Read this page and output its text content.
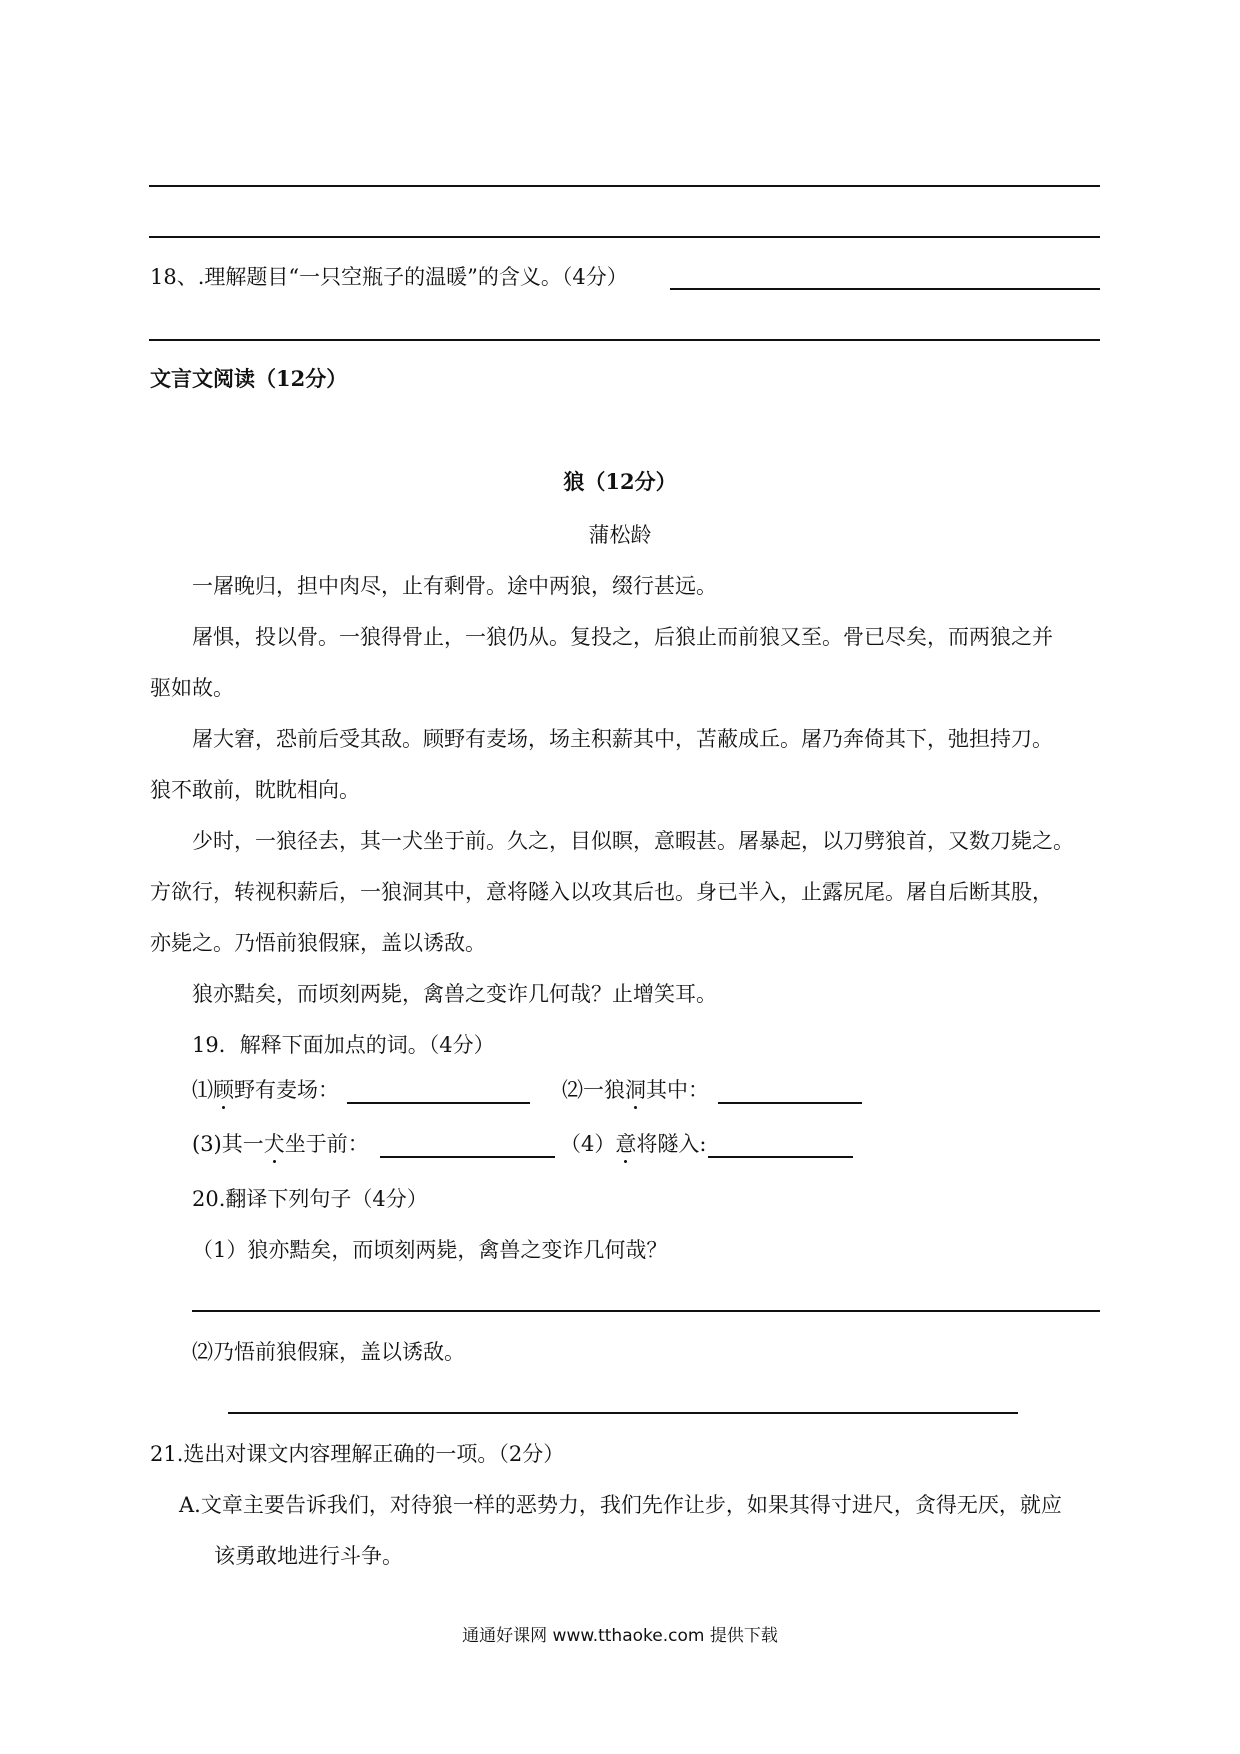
18、.理解题目“一只空瓶子的温暖”的含义。（4分）
文言文阅读（12分）
狼（12分）
蒲松龄
一屠晚归，担中肉尽，止有剩骨。途中两狼，缀行甚远。
屠惧，投以骨。一狼得骨止，一狼仍从。复投之，后狼止而前狼又至。骨已尽矣，而两狼之并
驱如故。
屠大窘，恐前后受其敌。顾野有麦场，场主积薪其中，苫蔽成丘。屠乃奔倚其下，弛担持刀。
狼不敢前，眈眈相向。
少时，一狼径去，其一犬坐于前。久之，目似瞑，意暇甚。屠暴起，以刀劈狼首，又数刀毙之。
方欲行，转视积薪后，一狼洞其中，意将隧入以攻其后也。身已半入，止露尻尾。屠自后断其股，
亦毙之。乃悟前狼假寐，盖以诱敌。
狼亦黠矣，而顷刻两毙，禽兽之变诈几何哉？止增笑耳。
19．解释下面加点的词。（4分）
⑴顾野有麦场：	⑵一狼洞其中：
(3)其一犬坐于前：	（4）意将隧入:
20.翻译下列句子（4分）
（1）狼亦黠矣，而顷刻两毙，禽兽之变诈几何哉？
⑵乃悟前狼假寐，盖以诱敌。
21.选出对课文内容理解正确的一项。（2分）
A.文章主要告诉我们，对待狼一样的恶势力，我们先作让步，如果其得寸进尺，贪得无厌，就应
该勇敢地进行斗争。
通通好课网 www.tthaoke.com 提供下载
